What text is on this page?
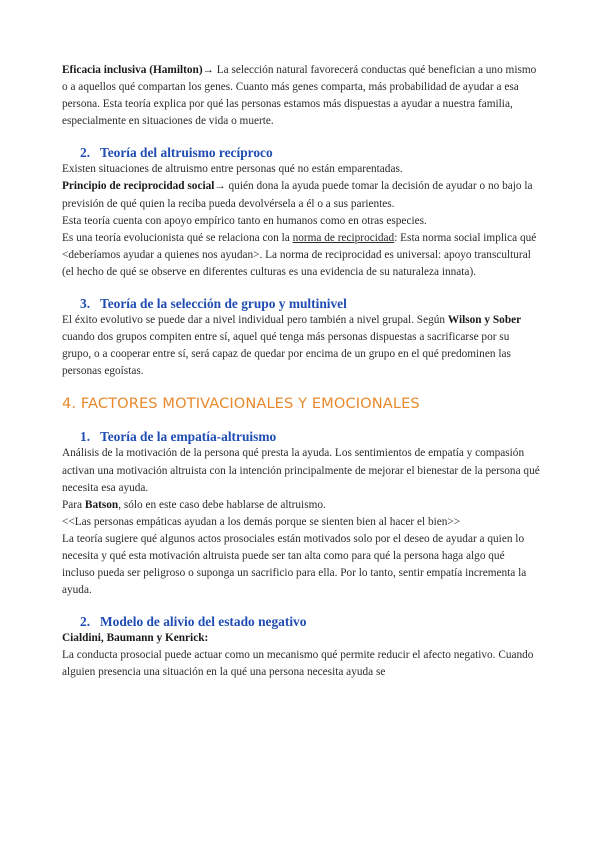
Eficacia inclusiva (Hamilton)→ La selección natural favorecerá conductas qué benefician a uno mismo o a aquellos qué compartan los genes. Cuanto más genes comparta, más probabilidad de ayudar a esa persona. Esta teoría explica por qué las personas estamos más dispuestas a ayudar a nuestra familia, especialmente en situaciones de vida o muerte.

2. Teoría del altruismo recíproco

Existen situaciones de altruismo entre personas qué no están emparentadas.

Principio de reciprocidad social→ quién dona la ayuda puede tomar la decisión de ayudar o no bajo la previsión de qué quien la reciba pueda devolvérsela a él o a sus parientes.

Esta teoría cuenta con apoyo empírico tanto en humanos como en otras especies.

Es una teoría evolucionista qué se relaciona con la norma de reciprocidad: Esta norma social implica qué <deberíamos ayudar a quienes nos ayudan>. La norma de reciprocidad es universal: apoyo transcultural (el hecho de qué se observe en diferentes culturas es una evidencia de su naturaleza innata).

3. Teoría de la selección de grupo y multinivel

El éxito evolutivo se puede dar a nivel individual pero también a nivel grupal. Según Wilson y Sober cuando dos grupos compiten entre sí, aquel qué tenga más personas dispuestas a sacrificarse por su grupo, o a cooperar entre sí, será capaz de quedar por encima de un grupo en el qué predominen las personas egoístas.

4. FACTORES MOTIVACIONALES Y EMOCIONALES
1. Teoría de la empatía-altruismo

Análisis de la motivación de la persona qué presta la ayuda. Los sentimientos de empatía y compasión activan una motivación altruista con la intención principalmente de mejorar el bienestar de la persona qué necesita esa ayuda.

Para Batson, sólo en este caso debe hablarse de altruismo.

<<Las personas empáticas ayudan a los demás porque se sienten bien al hacer el bien>>

La teoría sugiere qué algunos actos prosociales están motivados solo por el deseo de ayudar a quien lo necesita y qué esta motivación altruista puede ser tan alta como para qué la persona haga algo qué incluso pueda ser peligroso o suponga un sacrificio para ella. Por lo tanto, sentir empatía incrementa la ayuda.

2. Modelo de alivio del estado negativo

Cialdini, Baumann y Kenrick:

La conducta prosocial puede actuar como un mecanismo qué permite reducir el afecto negativo. Cuando alguien presencia una situación en la qué una persona necesita ayuda se
